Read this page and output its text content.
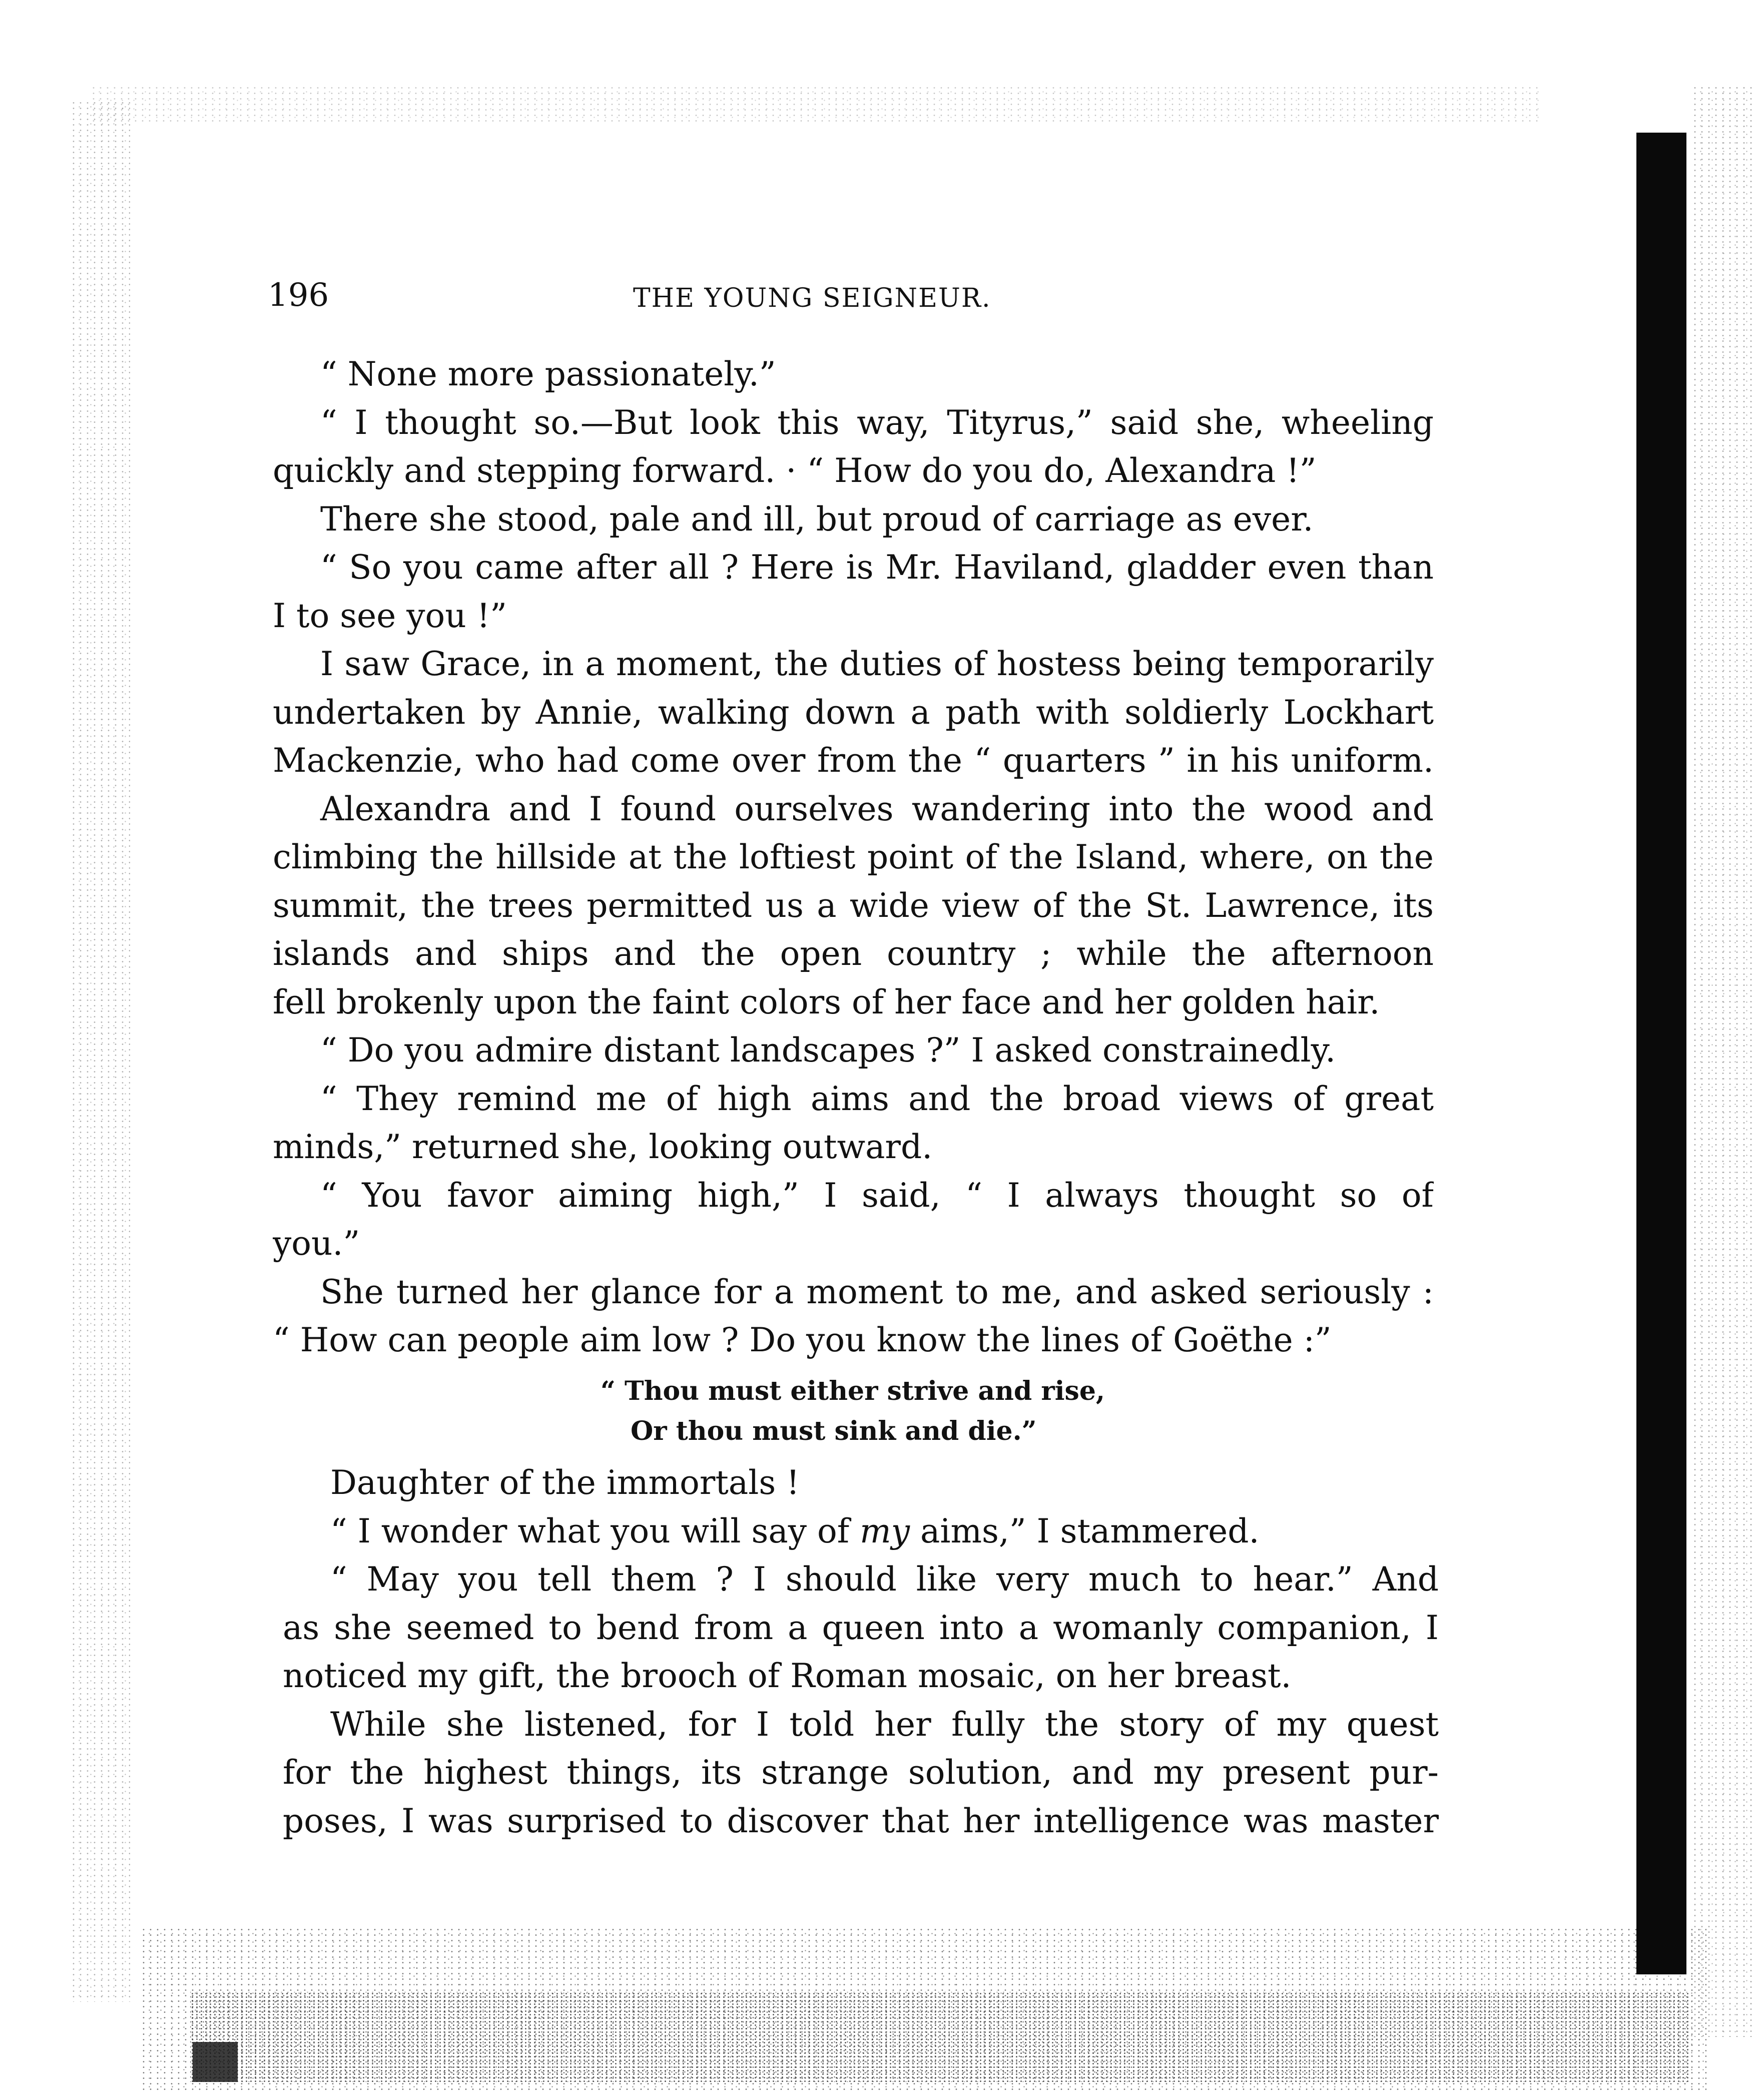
196	THE YOUNG SEIGNEUR.
“ None more passionately.”
“ I thought so.—But look this way, Tityrus,” said she, wheeling
quickly and stepping forward. · “ How do you do, Alexandra !”
There she stood, pale and ill, but proud of carriage as ever.
“ So you came after all ? Here is Mr. Haviland, gladder even than
I to see you !”
I saw Grace, in a moment, the duties of hostess being temporarily
undertaken by Annie, walking down a path with soldierly Lockhart
Mackenzie, who had come over from the “ quarters ” in his uniform.
Alexandra and I found ourselves wandering into the wood and
climbing the hillside at the loftiest point of the Island, where, on the
summit, the trees permitted us a wide view of the St. Lawrence, its
islands and ships and the open country ; while the afternoon
fell brokenly upon the faint colors of her face and her golden hair.
“ Do you admire distant landscapes ?” I asked constrainedly.
“ They remind me of high aims and the broad views of great
minds,” returned she, looking outward.
“ You favor aiming high,” I said, “ I always thought so of
you.”
She turned her glance for a moment to me, and asked seriously :
“ How can people aim low ? Do you know the lines of Goëthe :”
“ Thou must either strive and rise,
Or thou must sink and die.”
Daughter of the immortals !
“ I wonder what you will say of my aims,” I stammered.
“ May you tell them ? I should like very much to hear.” And
as she seemed to bend from a queen into a womanly companion, I
noticed my gift, the brooch of Roman mosaic, on her breast.
While she listened, for I told her fully the story of my quest
for the highest things, its strange solution, and my present pur-
poses, I was surprised to discover that her intelligence was master
